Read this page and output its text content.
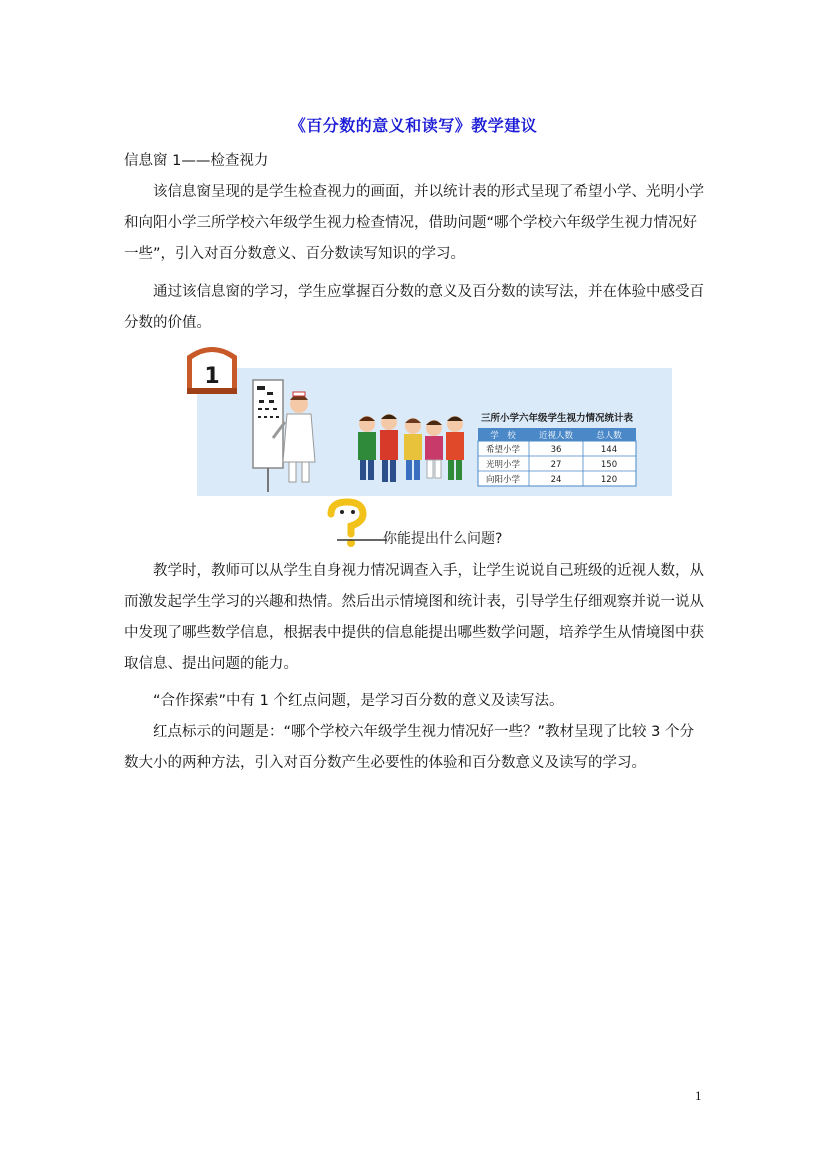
《百分数的意义和读写》教学建议

信息窗 1——检查视力

该信息窗呈现的是学生检查视力的画面，并以统计表的形式呈现了希望小学、光明小学和向阳小学三所学校六年级学生视力检查情况，借助问题“哪个学校六年级学生视力情况好一些”，引入对百分数意义、百分数读写知识的学习。

通过该信息窗的学习，学生应掌握百分数的意义及百分数的读写法，并在体验中感受百分数的价值。

1
三所小学六年级学生视力情况统计表
学　校	近视人数	总人数
希望小学	36	144
光明小学	27	150
向阳小学	24	120
你能提出什么问题?

教学时，教师可以从学生自身视力情况调查入手，让学生说说自己班级的近视人数，从而激发起学生学习的兴趣和热情。然后出示情境图和统计表，引导学生仔细观察并说一说从中发现了哪些数学信息，根据表中提供的信息能提出哪些数学问题，培养学生从情境图中获取信息、提出问题的能力。

“合作探索”中有 1 个红点问题，是学习百分数的意义及读写法。

红点标示的问题是：“哪个学校六年级学生视力情况好一些？”教材呈现了比较 3 个分数大小的两种方法，引入对百分数产生必要性的体验和百分数意义及读写的学习。

1
